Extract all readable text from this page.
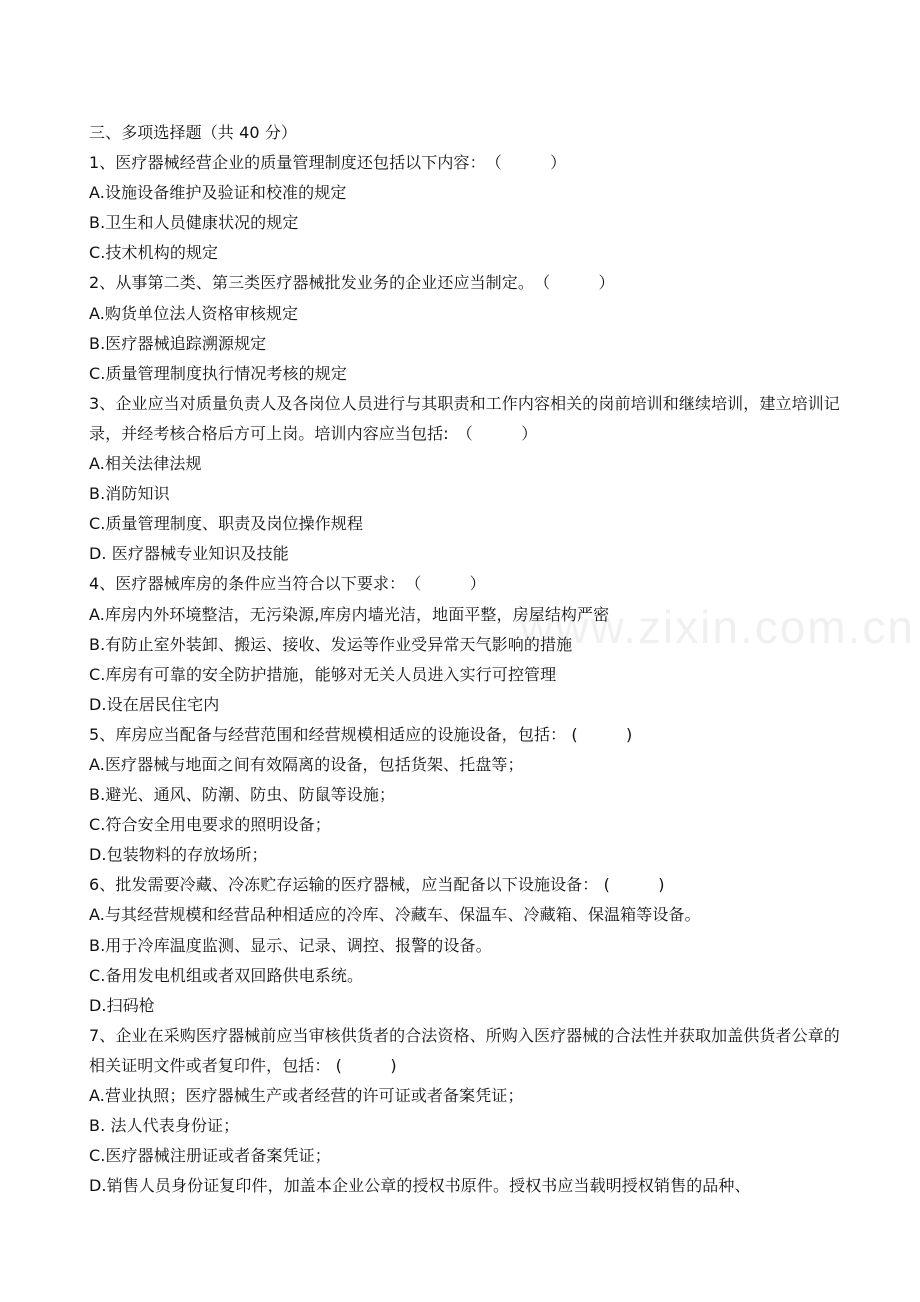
www.zixin.com.cn
三、多项选择题（共 40 分）
1、医疗器械经营企业的质量管理制度还包括以下内容：　（　　　）
A.设施设备维护及验证和校准的规定
B.卫生和人员健康状况的规定
C.技术机构的规定
2、从事第二类、第三类医疗器械批发业务的企业还应当制定。　（　　　）
A.购货单位法人资格审核规定
B.医疗器械追踪溯源规定
C.质量管理制度执行情况考核的规定
3、企业应当对质量负责人及各岗位人员进行与其职责和工作内容相关的岗前培训和继续培训，建立培训记录，并经考核合格后方可上岗。培训内容应当包括:　（　　　）
A.相关法律法规
B.消防知识
C.质量管理制度、职责及岗位操作规程
D. 医疗器械专业知识及技能
4、医疗器械库房的条件应当符合以下要求：　（　　　）
A.库房内外环境整洁，无污染源,库房内墙光洁，地面平整，房屋结构严密
B.有防止室外装卸、搬运、接收、发运等作业受异常天气影响的措施
C.库房有可靠的安全防护措施，能够对无关人员进入实行可控管理
D.设在居民住宅内
5、库房应当配备与经营范围和经营规模相适应的设施设备，包括： (　　　)
A.医疗器械与地面之间有效隔离的设备，包括货架、托盘等；
B.避光、通风、防潮、防虫、防鼠等设施；
C.符合安全用电要求的照明设备；
D.包装物料的存放场所；
6、批发需要冷藏、冷冻贮存运输的医疗器械，应当配备以下设施设备： (　　　)
A.与其经营规模和经营品种相适应的冷库、冷藏车、保温车、冷藏箱、保温箱等设备。
B.用于冷库温度监测、显示、记录、调控、报警的设备。
C.备用发电机组或者双回路供电系统。
D.扫码枪
7、企业在采购医疗器械前应当审核供货者的合法资格、所购入医疗器械的合法性并获取加盖供货者公章的相关证明文件或者复印件，包括： (　　　)
A.营业执照；医疗器械生产或者经营的许可证或者备案凭证；
B. 法人代表身份证；
C.医疗器械注册证或者备案凭证；
D.销售人员身份证复印件，加盖本企业公章的授权书原件。授权书应当载明授权销售的品种、
